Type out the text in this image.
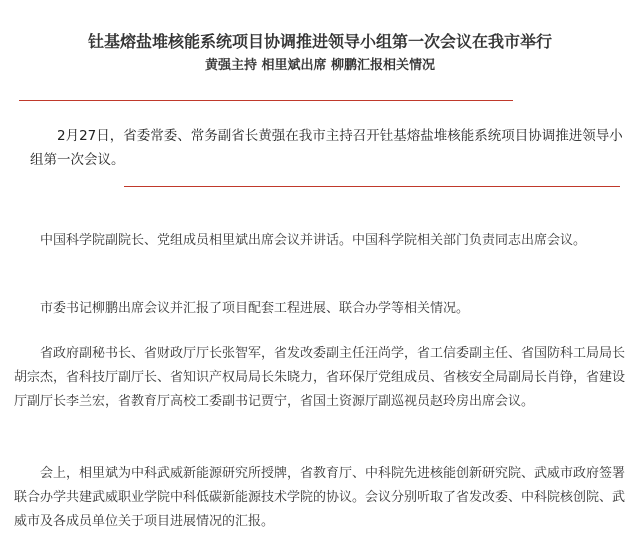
钍基熔盐堆核能系统项目协调推进领导小组第一次会议在我市举行
黄强主持 相里斌出席 柳鹏汇报相关情况

2月27日，省委常委、常务副省长黄强在我市主持召开钍基熔盐堆核能系统项目协调推进领导小组第一次会议。

中国科学院副院长、党组成员相里斌出席会议并讲话。中国科学院相关部门负责同志出席会议。

市委书记柳鹏出席会议并汇报了项目配套工程进展、联合办学等相关情况。

省政府副秘书长、省财政厅厅长张智军，省发改委副主任汪尚学，省工信委副主任、省国防科工局局长胡宗杰，省科技厅副厅长、省知识产权局局长朱晓力，省环保厅党组成员、省核安全局副局长肖铮，省建设厅副厅长李兰宏，省教育厅高校工委副书记贾宁，省国土资源厅副巡视员赵玲房出席会议。

会上，相里斌为中科武威新能源研究所授牌，省教育厅、中科院先进核能创新研究院、武威市政府签署联合办学共建武威职业学院中科低碳新能源技术学院的协议。会议分别听取了省发改委、中科院核创院、武威市及各成员单位关于项目进展情况的汇报。
